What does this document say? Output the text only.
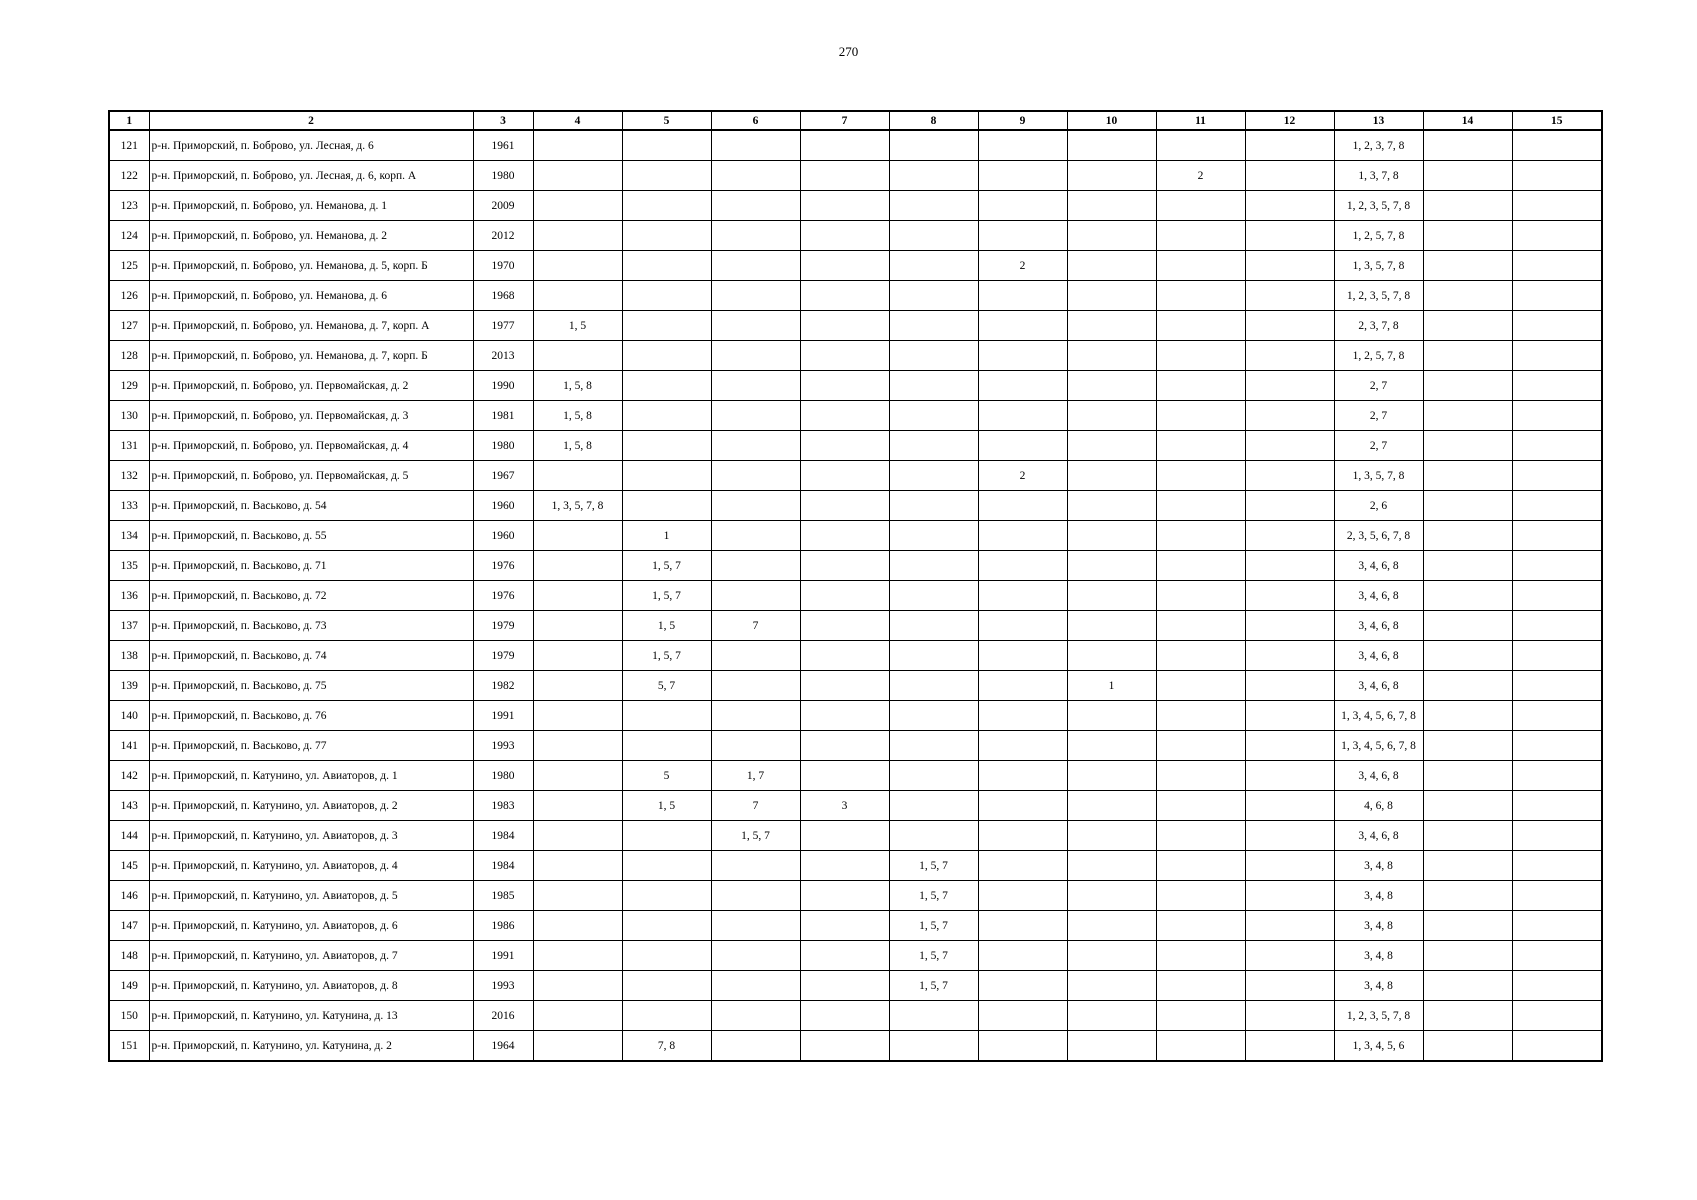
270
1	2	3	4	5	6	7	8	9	10	11	12	13	14	15
121	р-н. Приморский, п. Боброво, ул. Лесная, д. 6	1961										1, 2, 3, 7, 8		
122	р-н. Приморский, п. Боброво, ул. Лесная, д. 6, корп. А	1980								2		1, 3, 7, 8		
123	р-н. Приморский, п. Боброво, ул. Неманова, д. 1	2009										1, 2, 3, 5, 7, 8		
124	р-н. Приморский, п. Боброво, ул. Неманова, д. 2	2012										1, 2, 5, 7, 8		
125	р-н. Приморский, п. Боброво, ул. Неманова, д. 5, корп. Б	1970						2				1, 3, 5, 7, 8		
126	р-н. Приморский, п. Боброво, ул. Неманова, д. 6	1968										1, 2, 3, 5, 7, 8		
127	р-н. Приморский, п. Боброво, ул. Неманова, д. 7, корп. А	1977	1, 5									2, 3, 7, 8		
128	р-н. Приморский, п. Боброво, ул. Неманова, д. 7, корп. Б	2013										1, 2, 5, 7, 8		
129	р-н. Приморский, п. Боброво, ул. Первомайская, д. 2	1990	1, 5, 8									2, 7		
130	р-н. Приморский, п. Боброво, ул. Первомайская, д. 3	1981	1, 5, 8									2, 7		
131	р-н. Приморский, п. Боброво, ул. Первомайская, д. 4	1980	1, 5, 8									2, 7		
132	р-н. Приморский, п. Боброво, ул. Первомайская, д. 5	1967						2				1, 3, 5, 7, 8		
133	р-н. Приморский, п. Васьково, д. 54	1960	1, 3, 5, 7, 8									2, 6		
134	р-н. Приморский, п. Васьково, д. 55	1960		1								2, 3, 5, 6, 7, 8		
135	р-н. Приморский, п. Васьково, д. 71	1976		1, 5, 7								3, 4, 6, 8		
136	р-н. Приморский, п. Васьково, д. 72	1976		1, 5, 7								3, 4, 6, 8		
137	р-н. Приморский, п. Васьково, д. 73	1979		1, 5	7							3, 4, 6, 8		
138	р-н. Приморский, п. Васьково, д. 74	1979		1, 5, 7								3, 4, 6, 8		
139	р-н. Приморский, п. Васьково, д. 75	1982		5, 7					1			3, 4, 6, 8		
140	р-н. Приморский, п. Васьково, д. 76	1991										1, 3, 4, 5, 6, 7, 8		
141	р-н. Приморский, п. Васьково, д. 77	1993										1, 3, 4, 5, 6, 7, 8		
142	р-н. Приморский, п. Катунино, ул. Авиаторов, д. 1	1980		5	1, 7							3, 4, 6, 8		
143	р-н. Приморский, п. Катунино, ул. Авиаторов, д. 2	1983		1, 5	7	3						4, 6, 8		
144	р-н. Приморский, п. Катунино, ул. Авиаторов, д. 3	1984			1, 5, 7							3, 4, 6, 8		
145	р-н. Приморский, п. Катунино, ул. Авиаторов, д. 4	1984					1, 5, 7					3, 4, 8		
146	р-н. Приморский, п. Катунино, ул. Авиаторов, д. 5	1985					1, 5, 7					3, 4, 8		
147	р-н. Приморский, п. Катунино, ул. Авиаторов, д. 6	1986					1, 5, 7					3, 4, 8		
148	р-н. Приморский, п. Катунино, ул. Авиаторов, д. 7	1991					1, 5, 7					3, 4, 8		
149	р-н. Приморский, п. Катунино, ул. Авиаторов, д. 8	1993					1, 5, 7					3, 4, 8		
150	р-н. Приморский, п. Катунино, ул. Катунина, д. 13	2016										1, 2, 3, 5, 7, 8		
151	р-н. Приморский, п. Катунино, ул. Катунина, д. 2	1964		7, 8								1, 3, 4, 5, 6		
